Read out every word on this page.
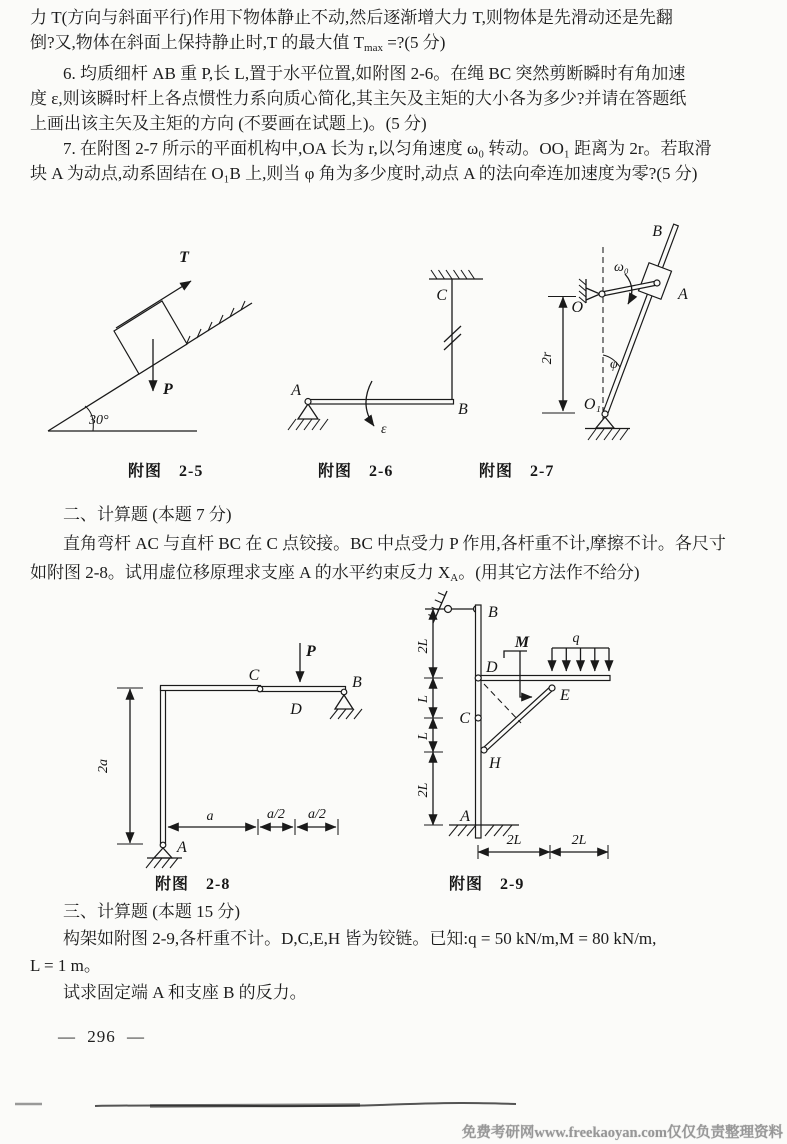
力 T(方向与斜面平行)作用下物体静止不动,然后逐渐增大力 T,则物体是先滑动还是先翻
倒?又,物体在斜面上保持静止时,T 的最大值 $T_{max}$ =?(5 分)
6. 均质细杆 AB 重 P,长 L,置于水平位置,如附图 2-6。在绳 BC 突然剪断瞬时有角加速
度 ε,则该瞬时杆上各点惯性力系向质心简化,其主矢及主矩的大小各为多少?并请在答题纸
上画出该主矢及主矩的方向 (不要画在试题上)。(5 分)
7. 在附图 2-7 所示的平面机构中,OA 长为 r,以匀角速度 ω₀ 转动。OO₁ 距离为 2r。若取滑
块 A 为动点,动系固结在 O₁B 上,则当 φ 角为多少度时,动点 A 的法向牵连加速度为零?(5 分)
T
P
30°
附图　2-5
ε
A
B
C
附图　2-6
2r
O
O₁
A
B
ω₀
φ
附图　2-7
二、计算题 (本题 7 分)
直角弯杆 AC 与直杆 BC 在 C 点铰接。BC 中点受力 P 作用,各杆重不计,摩擦不计。各尺寸
如附图 2-8。试用虚位移原理求支座 A 的水平约束反力 $X_A$。(用其它方法作不给分)
2a
a	a/2 a/2
C
P
D
B
A
附图　2-8
2L
L
L
2L
2L	2L
B
D
M	q
E
C
H
A
附图　2-9
三、计算题 (本题 15 分)
构架如附图 2-9,各杆重不计。D,C,E,H 皆为铰链。已知:q = 50 kN/m,M = 80 kN/m,
L = 1 m。
试求固定端 A 和支座 B 的反力。
— 296 —
免费考研网www.freekaoyan.com仅仅负责整理资料
